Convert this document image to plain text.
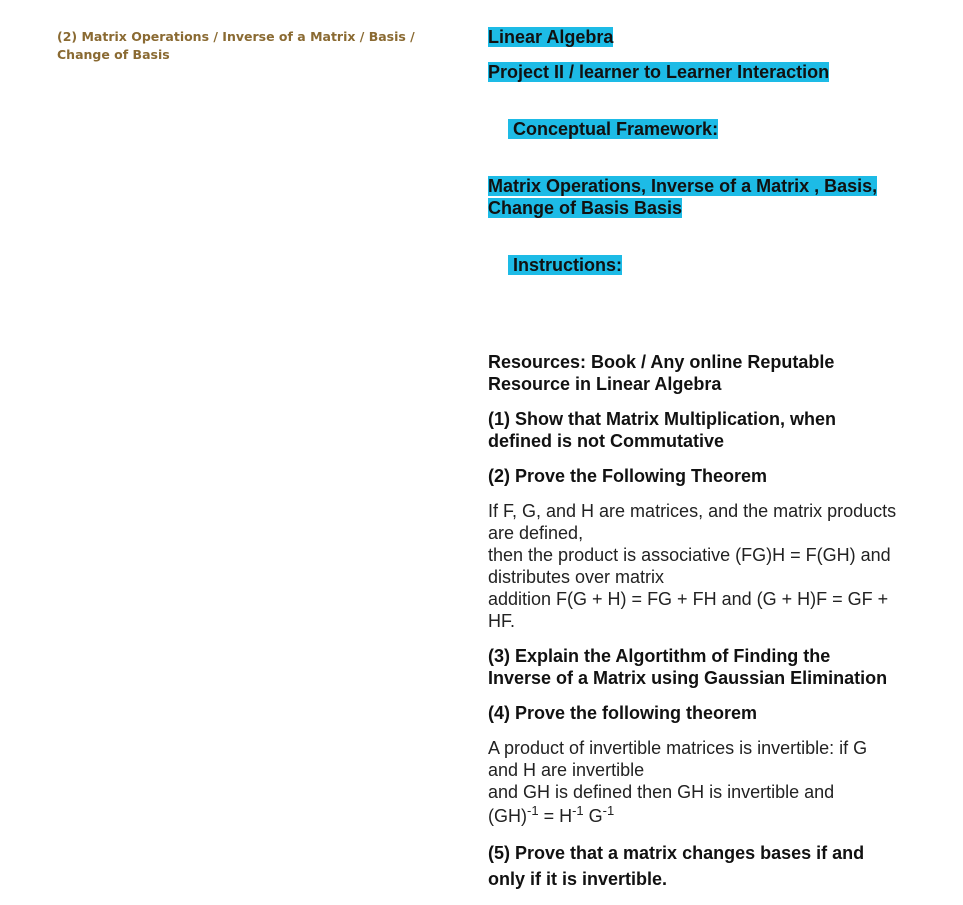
(2) Matrix Operations / Inverse of a Matrix / Basis / Change of Basis
Linear Algebra
Project II / learner to Learner Interaction

Conceptual Framework:

Matrix Operations, Inverse of a Matrix , Basis, Change of Basis Basis

Instructions:

Resources: Book / Any online Reputable Resource in Linear Algebra

(1) Show that Matrix Multiplication, when defined is not Commutative

(2) Prove the Following Theorem

If F, G, and H are matrices, and the matrix products are defined,
then the product is associative (FG)H = F(GH) and distributes over matrix
addition F(G + H) = FG + FH and (G + H)F = GF + HF.

(3) Explain the Algortithm of Finding the Inverse of a Matrix using Gaussian Elimination

(4) Prove the following theorem

A product of invertible matrices is invertible: if G and H are invertible
and GH is defined then GH is invertible and
$(GH)^{-1} = H^{-1}$ $G^{-1}$

(5) Prove that a matrix changes bases if and only if it is invertible.
